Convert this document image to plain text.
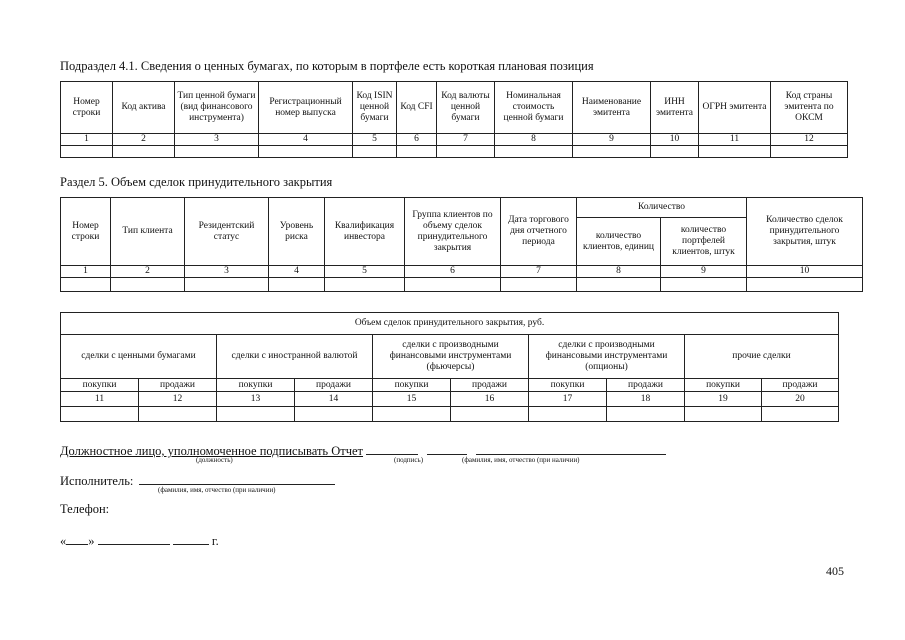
Подраздел 4.1. Сведения о ценных бумагах, по которым в портфеле есть короткая плановая позиция
Номер строки	Код актива	Тип ценной бумаги (вид финансового инструмента)	Регистрационный номер выпуска	Код ISIN ценной бумаги	Код CFI	Код валюты ценной бумаги	Номинальная стоимость ценной бумаги	Наименование эмитента	ИНН эмитента	ОГРН эмитента	Код страны эмитента по ОКСМ
1	2	3	4	5	6	7	8	9	10	11	12

Раздел 5. Объем сделок принудительного закрытия
Номер строки	Тип клиента	Резидентский статус	Уровень риска	Квалификация инвестора	Группа клиентов по объему сделок принудительного закрытия	Дата торгового дня отчетного периода	Количество		Количество сделок принудительного закрытия, штук
							количество клиентов, единиц	количество портфелей клиентов, штук	
1	2	3	4	5	6	7	8	9	10

Объем сделок принудительного закрытия, руб.									
сделки с ценными бумагами		сделки с иностранной валютой		сделки с производными финансовыми инструментами (фьючерсы)		сделки с производными финансовыми инструментами (опционы)		прочие сделки	
покупки	продажи	покупки	продажи	покупки	продажи	покупки	продажи	покупки	продажи
11	12	13	14	15	16	17	18	19	20

Должностное лицо, уполномоченное подписывать Отчет
(должность)	(подпись)	(фамилия, имя, отчество (при наличии)
Исполнитель:
(фамилия, имя, отчество (при наличии)
Телефон:
« »	г.
405
